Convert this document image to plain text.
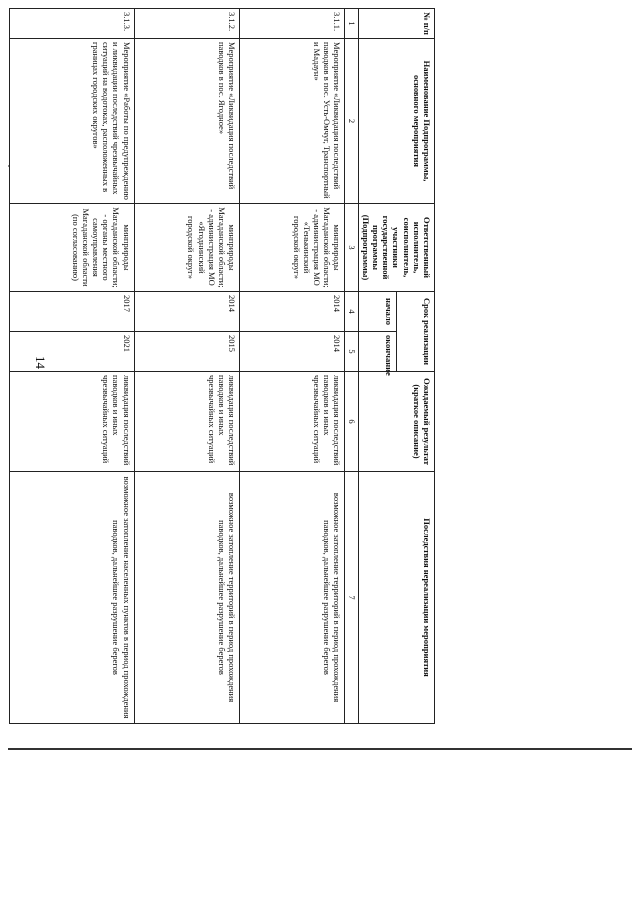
14
№ п/п	Наименование Подпрограммы, основного мероприятия	Ответственный исполнитель, соисполнитель, участники государственной программы (Подпрограммы)	Срок реализации		Ожидаемый результат (краткое описание)	Последствия нереализации мероприятия
			начало	окончание		
1	2	3	4	5	6	7
3.1.1.	Мероприятие «Ликвидация последствий паводков в пос. Усть-Омчуг, Транспортный и Мадаун»	минприроды Магаданской области; - администрация МО «Тенькинский городской округ»	2014	2014	ликвидация последствий паводков и иных чрезвычайных ситуаций	возможное затопление территорий в период прохождения паводков, дальнейшее разрушение берегов
3.1.2.	Мероприятие «Ликвидация последствий паводков в пос. Ягодное»	минприроды Магаданской области; - администрация МО «Ягоднинский городской округ»	2014	2015	ликвидация последствий паводков и иных чрезвычайных ситуаций	возможное затопление территорий в период прохождения паводков, дальнейшее разрушение берегов
3.1.3.	Мероприятие «Работы по предупреждению и ликвидации последствий чрезвычайных ситуаций на водотоках, расположенных в границах городских округов»	минприроды Магаданской области; - органы местного самоуправления Магаданской области (по согласованию)	2017	2021	ликвидация последствий паводков и иных чрезвычайных ситуаций	возможное затопление населенных пунктов в период прохождения паводков, дальнейшее разрушение берегов
